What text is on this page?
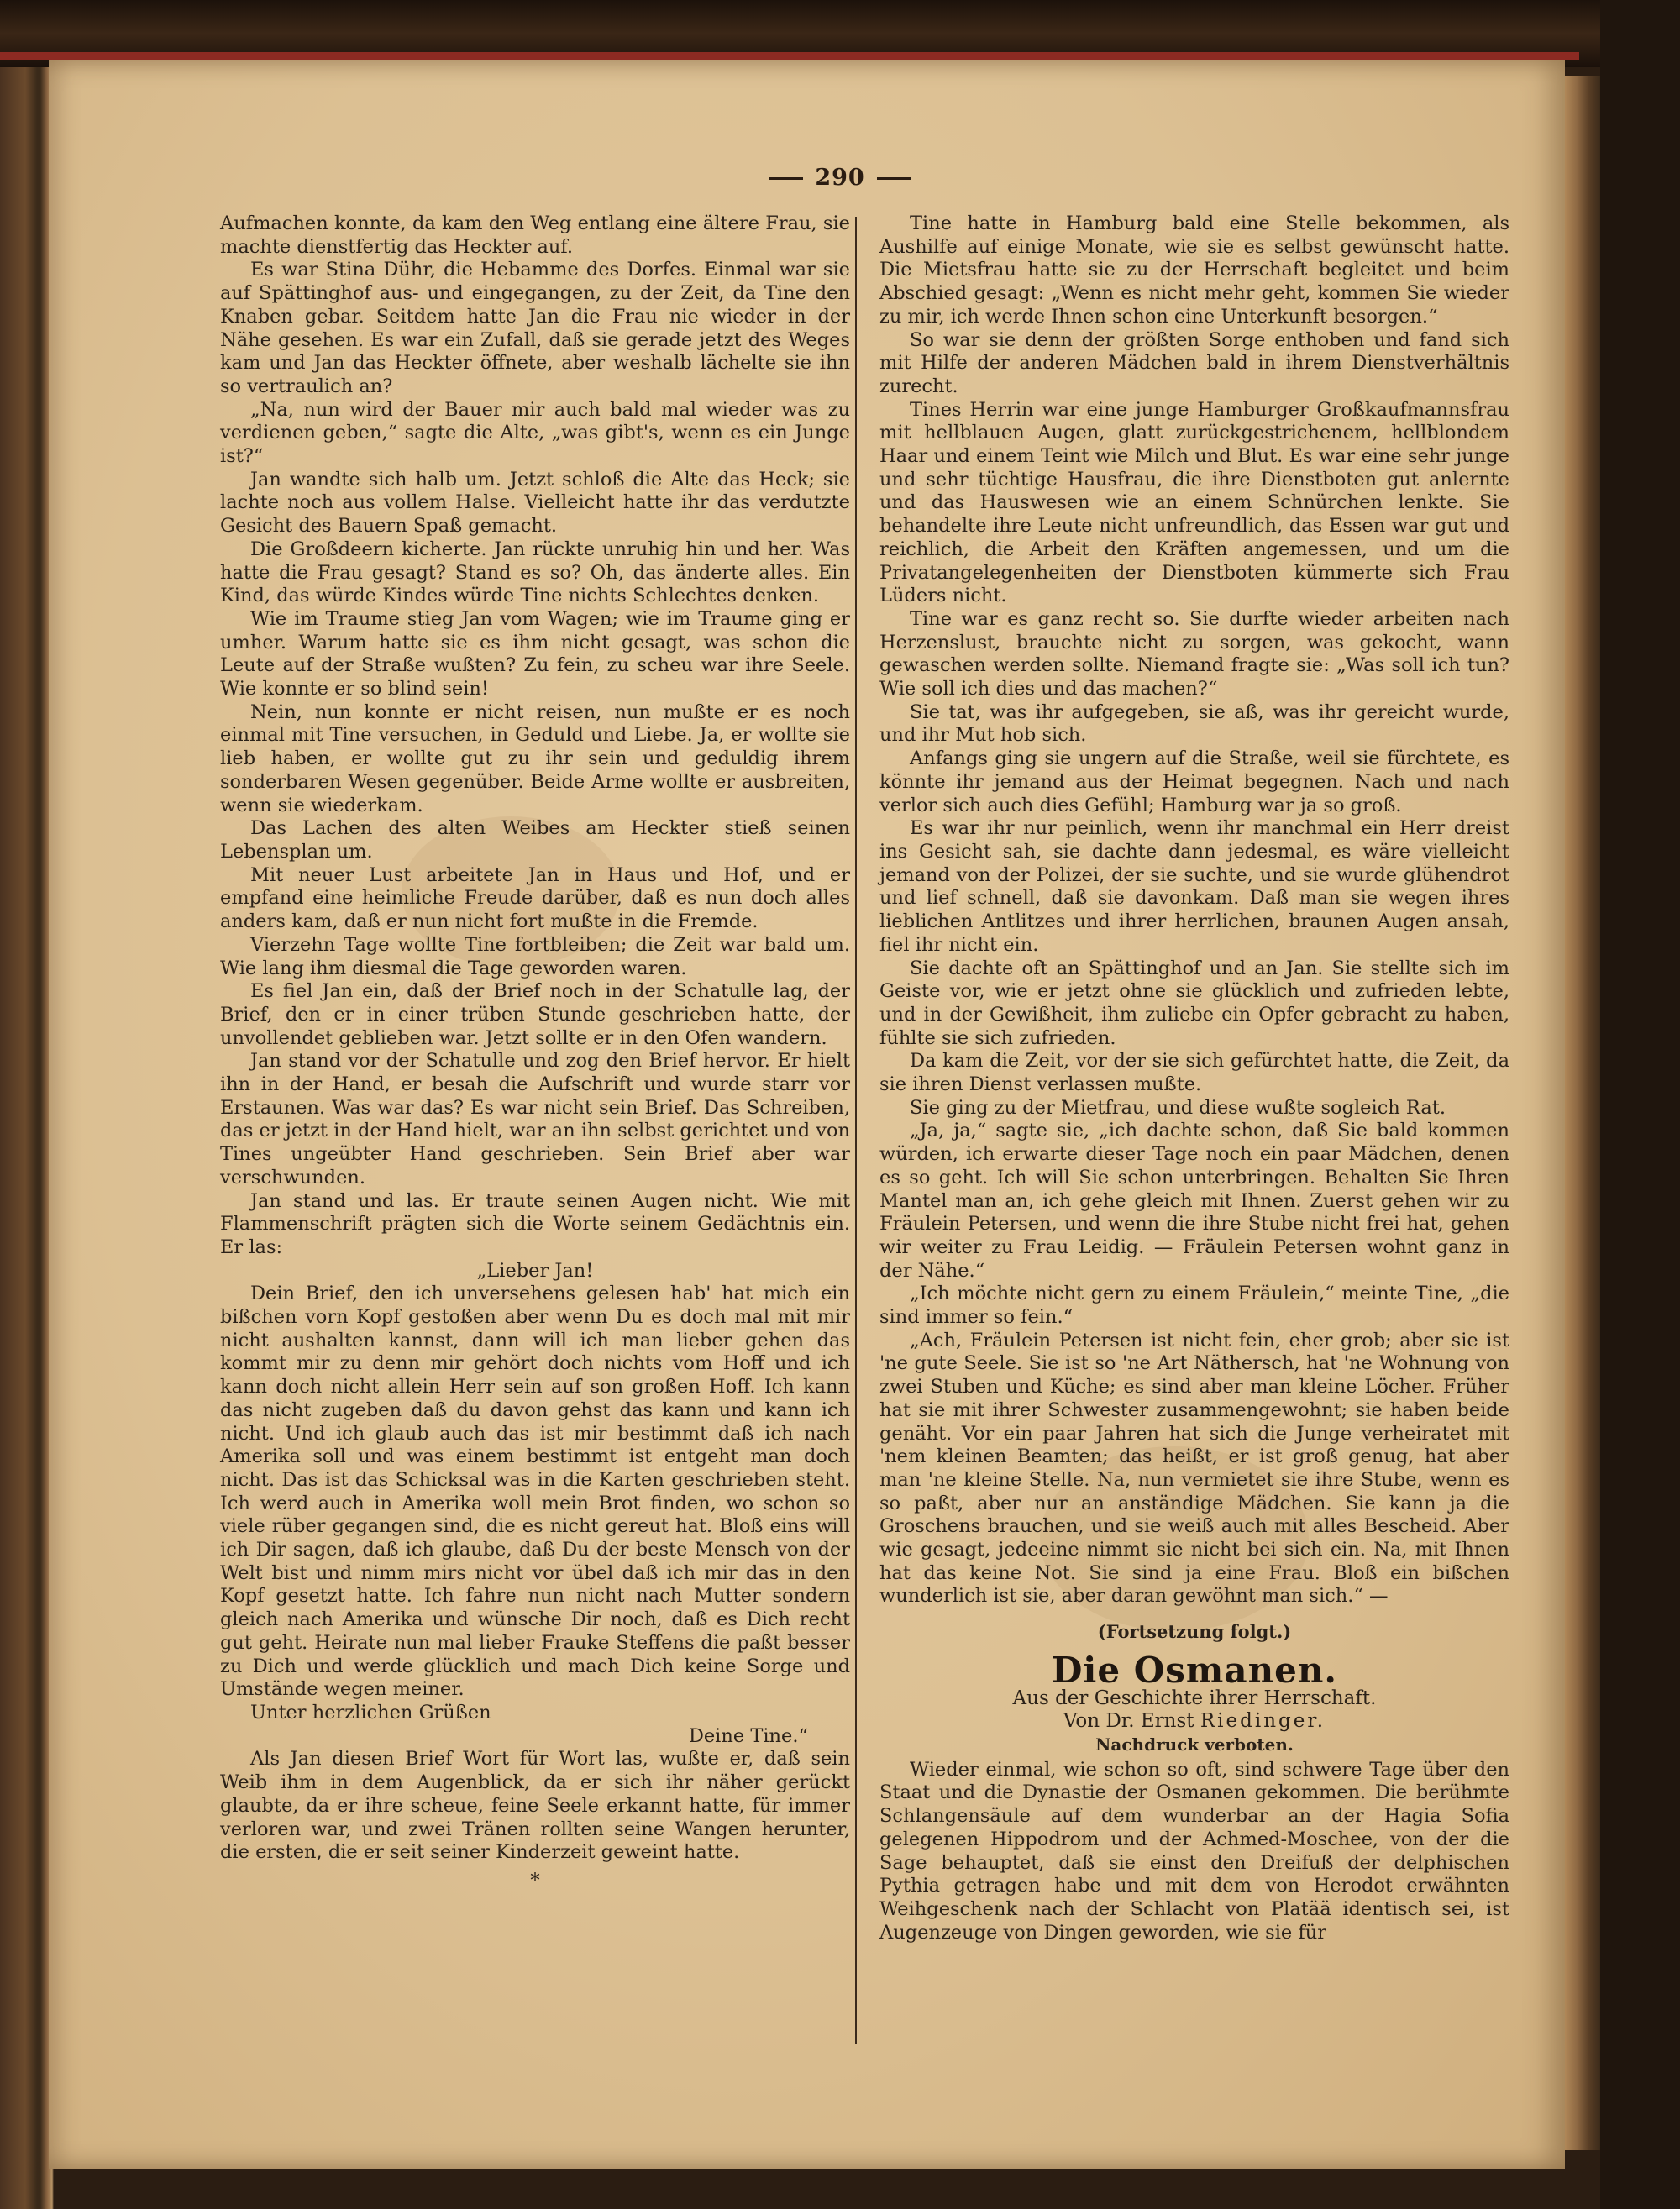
290

Aufmachen konnte, da kam den Weg entlang eine ältere Frau, sie machte dienstfertig das Heckter auf.

Es war Stina Dühr, die Hebamme des Dorfes. Einmal war sie auf Spättinghof aus- und eingegangen, zu der Zeit, da Tine den Knaben gebar. Seitdem hatte Jan die Frau nie wieder in der Nähe gesehen. Es war ein Zufall, daß sie gerade jetzt des Weges kam und Jan das Heckter öffnete, aber weshalb lächelte sie ihn so vertraulich an?

„Na, nun wird der Bauer mir auch bald mal wieder was zu verdienen geben,“ sagte die Alte, „was gibt's, wenn es ein Junge ist?“

Jan wandte sich halb um. Jetzt schloß die Alte das Heck; sie lachte noch aus vollem Halse. Vielleicht hatte ihr das verdutzte Gesicht des Bauern Spaß gemacht.

Die Großdeern kicherte. Jan rückte unruhig hin und her. Was hatte die Frau gesagt? Stand es so? Oh, das änderte alles. Ein Kind, das würde Kindes würde Tine nichts Schlechtes denken.

Wie im Traume stieg Jan vom Wagen; wie im Traume ging er umher. Warum hatte sie es ihm nicht gesagt, was schon die Leute auf der Straße wußten? Zu fein, zu scheu war ihre Seele. Wie konnte er so blind sein!

Nein, nun konnte er nicht reisen, nun mußte er es noch einmal mit Tine versuchen, in Geduld und Liebe. Ja, er wollte sie lieb haben, er wollte gut zu ihr sein und geduldig ihrem sonderbaren Wesen gegenüber. Beide Arme wollte er ausbreiten, wenn sie wiederkam.

Das Lachen des alten Weibes am Heckter stieß seinen Lebensplan um.

Mit neuer Lust arbeitete Jan in Haus und Hof, und er empfand eine heimliche Freude darüber, daß es nun doch alles anders kam, daß er nun nicht fort mußte in die Fremde.

Vierzehn Tage wollte Tine fortbleiben; die Zeit war bald um. Wie lang ihm diesmal die Tage geworden waren.

Es fiel Jan ein, daß der Brief noch in der Schatulle lag, der Brief, den er in einer trüben Stunde geschrieben hatte, der unvollendet geblieben war. Jetzt sollte er in den Ofen wandern.

Jan stand vor der Schatulle und zog den Brief hervor. Er hielt ihn in der Hand, er besah die Aufschrift und wurde starr vor Erstaunen. Was war das? Es war nicht sein Brief. Das Schreiben, das er jetzt in der Hand hielt, war an ihn selbst gerichtet und von Tines ungeübter Hand geschrieben. Sein Brief aber war verschwunden.

Jan stand und las. Er traute seinen Augen nicht. Wie mit Flammenschrift prägten sich die Worte seinem Gedächtnis ein. Er las:

„Lieber Jan!

Dein Brief, den ich unversehens gelesen hab' hat mich ein bißchen vorn Kopf gestoßen aber wenn Du es doch mal mit mir nicht aushalten kannst, dann will ich man lieber gehen das kommt mir zu denn mir gehört doch nichts vom Hoff und ich kann doch nicht allein Herr sein auf son großen Hoff. Ich kann das nicht zugeben daß du davon gehst das kann und kann ich nicht. Und ich glaub auch das ist mir bestimmt daß ich nach Amerika soll und was einem bestimmt ist entgeht man doch nicht. Das ist das Schicksal was in die Karten geschrieben steht. Ich werd auch in Amerika woll mein Brot finden, wo schon so viele rüber gegangen sind, die es nicht gereut hat. Bloß eins will ich Dir sagen, daß ich glaube, daß Du der beste Mensch von der Welt bist und nimm mirs nicht vor übel daß ich mir das in den Kopf gesetzt hatte. Ich fahre nun nicht nach Mutter sondern gleich nach Amerika und wünsche Dir noch, daß es Dich recht gut geht. Heirate nun mal lieber Fraukе Steffens die paßt besser zu Dich und werde glücklich und mach Dich keine Sorge und Umstände wegen meiner.

Unter herzlichen Grüßen

Deine Tine.“

Als Jan diesen Brief Wort für Wort las, wußte er, daß sein Weib ihm in dem Augenblick, da er sich ihr näher gerückt glaubte, da er ihre scheue, feine Seele erkannt hatte, für immer verloren war, und zwei Tränen rollten seine Wangen herunter, die ersten, die er seit seiner Kinderzeit geweint hatte.

*

Tine hatte in Hamburg bald eine Stelle bekommen, als Aushilfe auf einige Monate, wie sie es selbst gewünscht hatte. Die Mietsfrau hatte sie zu der Herrschaft begleitet und beim Abschied gesagt: „Wenn es nicht mehr geht, kommen Sie wieder zu mir, ich werde Ihnen schon eine Unterkunft besorgen.“

So war sie denn der größten Sorge enthoben und fand sich mit Hilfe der anderen Mädchen bald in ihrem Dienstverhältnis zurecht.

Tines Herrin war eine junge Hamburger Großkaufmannsfrau mit hellblauen Augen, glatt zurückgestrichenem, hellblondem Haar und einem Teint wie Milch und Blut. Es war eine sehr junge und sehr tüchtige Hausfrau, die ihre Dienstboten gut anlernte und das Hauswesen wie an einem Schnürchen lenkte. Sie behandelte ihre Leute nicht unfreundlich, das Essen war gut und reichlich, die Arbeit den Kräften angemessen, und um die Privatangelegenheiten der Dienstboten kümmerte sich Frau Lüders nicht.

Tine war es ganz recht so. Sie durfte wieder arbeiten nach Herzenslust, brauchte nicht zu sorgen, was gekocht, wann gewaschen werden sollte. Niemand fragte sie: „Was soll ich tun? Wie soll ich dies und das machen?“

Sie tat, was ihr aufgegeben, sie aß, was ihr gereicht wurde, und ihr Mut hob sich.

Anfangs ging sie ungern auf die Straße, weil sie fürchtete, es könnte ihr jemand aus der Heimat begegnen. Nach und nach verlor sich auch dies Gefühl; Hamburg war ja so groß.

Es war ihr nur peinlich, wenn ihr manchmal ein Herr dreist ins Gesicht sah, sie dachte dann jedesmal, es wäre vielleicht jemand von der Polizei, der sie suchte, und sie wurde glühendrot und lief schnell, daß sie davonkam. Daß man sie wegen ihres lieblichen Antlitzes und ihrer herrlichen, braunen Augen ansah, fiel ihr nicht ein.

Sie dachte oft an Spättinghof und an Jan. Sie stellte sich im Geiste vor, wie er jetzt ohne sie glücklich und zufrieden lebte, und in der Gewißheit, ihm zuliebe ein Opfer gebracht zu haben, fühlte sie sich zufrieden.

Da kam die Zeit, vor der sie sich gefürchtet hatte, die Zeit, da sie ihren Dienst verlassen mußte.

Sie ging zu der Mietfrau, und diese wußte sogleich Rat.

„Ja, ja,“ sagte sie, „ich dachte schon, daß Sie bald kommen würden, ich erwarte dieser Tage noch ein paar Mädchen, denen es so geht. Ich will Sie schon unterbringen. Behalten Sie Ihren Mantel man an, ich gehe gleich mit Ihnen. Zuerst gehen wir zu Fräulein Petersen, und wenn die ihre Stube nicht frei hat, gehen wir weiter zu Frau Leidig. — Fräulein Petersen wohnt ganz in der Nähe.“

„Ich möchte nicht gern zu einem Fräulein,“ meinte Tine, „die sind immer so fein.“

„Ach, Fräulein Petersen ist nicht fein, eher grob; aber sie ist 'ne gute Seele. Sie ist so 'ne Art Näthersch, hat 'ne Wohnung von zwei Stuben und Küche; es sind aber man kleine Löcher. Früher hat sie mit ihrer Schwester zusammengewohnt; sie haben beide genäht. Vor ein paar Jahren hat sich die Junge verheiratet mit 'nem kleinen Beamten; das heißt, er ist groß genug, hat aber man 'ne kleine Stelle. Na, nun vermietet sie ihre Stube, wenn es so paßt, aber nur an anständige Mädchen. Sie kann ja die Groschens brauchen, und sie weiß auch mit alles Bescheid. Aber wie gesagt, jedeeine nimmt sie nicht bei sich ein. Na, mit Ihnen hat das keine Not. Sie sind ja eine Frau. Bloß ein bißchen wunderlich ist sie, aber daran gewöhnt man sich.“ —

(Fortsetzung folgt.)

Die Osmanen.

Aus der Geschichte ihrer Herrschaft.

Von Dr. Ernst Riedinger.

Nachdruck verboten.

Wieder einmal, wie schon so oft, sind schwere Tage über den Staat und die Dynastie der Osmanen gekommen. Die berühmte Schlangensäule auf dem wunderbar an der Hagia Sofia gelegenen Hippodrom und der Achmed-Moschee, von der die Sage behauptet, daß sie einst den Dreifuß der delphischen Pythia getragen habe und mit dem von Herodot erwähnten Weihgeschenk nach der Schlacht von Platää identisch sei, ist Augenzeuge von Dingen geworden, wie sie für
